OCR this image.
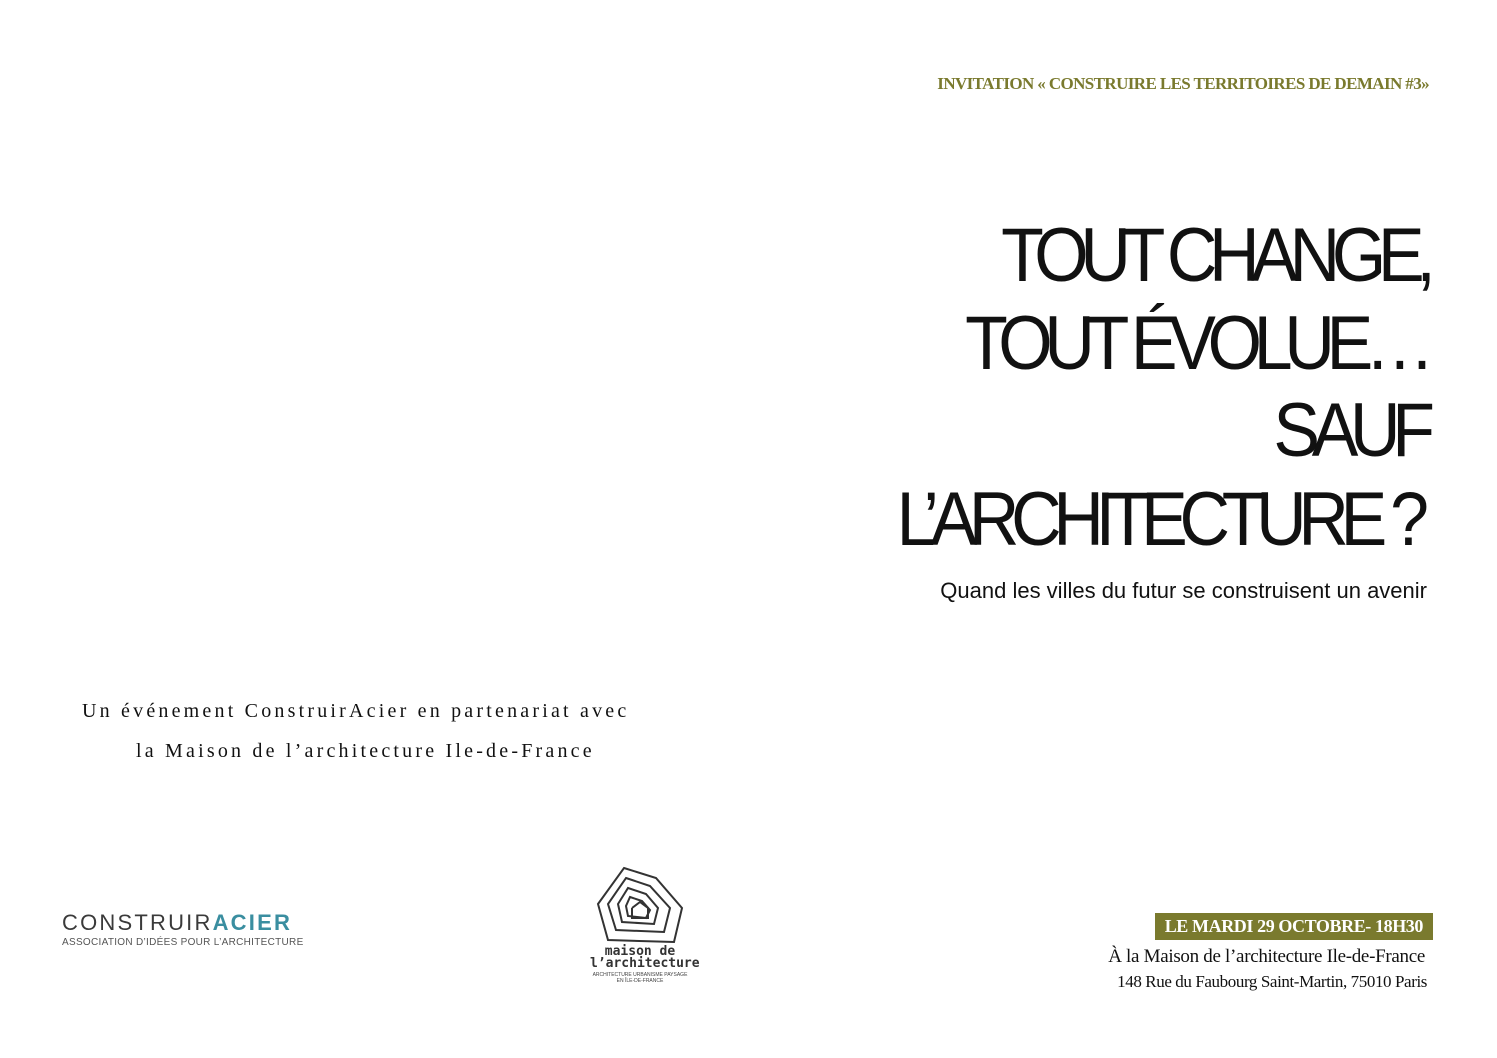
INVITATION « CONSTRUIRE LES TERRITOIRES DE DEMAIN #3»
TOUT CHANGE,
TOUT ÉVOLUE…
SAUF
L’ARCHITECTURE ?
Quand les villes du futur se construisent un avenir
Un événement ConstruirAcier en partenariat avec
la Maison de l’architecture Ile-de-France
CONSTRUIRACIER
ASSOCIATION D’IDÉES POUR L’ARCHITECTURE
maison de
l’architecture
ARCHITECTURE URBANISME PAYSAGE EN ÎLE-DE-FRANCE
LE MARDI 29 OCTOBRE- 18H30
À la Maison de l’architecture Ile-de-France
148 Rue du Faubourg Saint-Martin, 75010 Paris
